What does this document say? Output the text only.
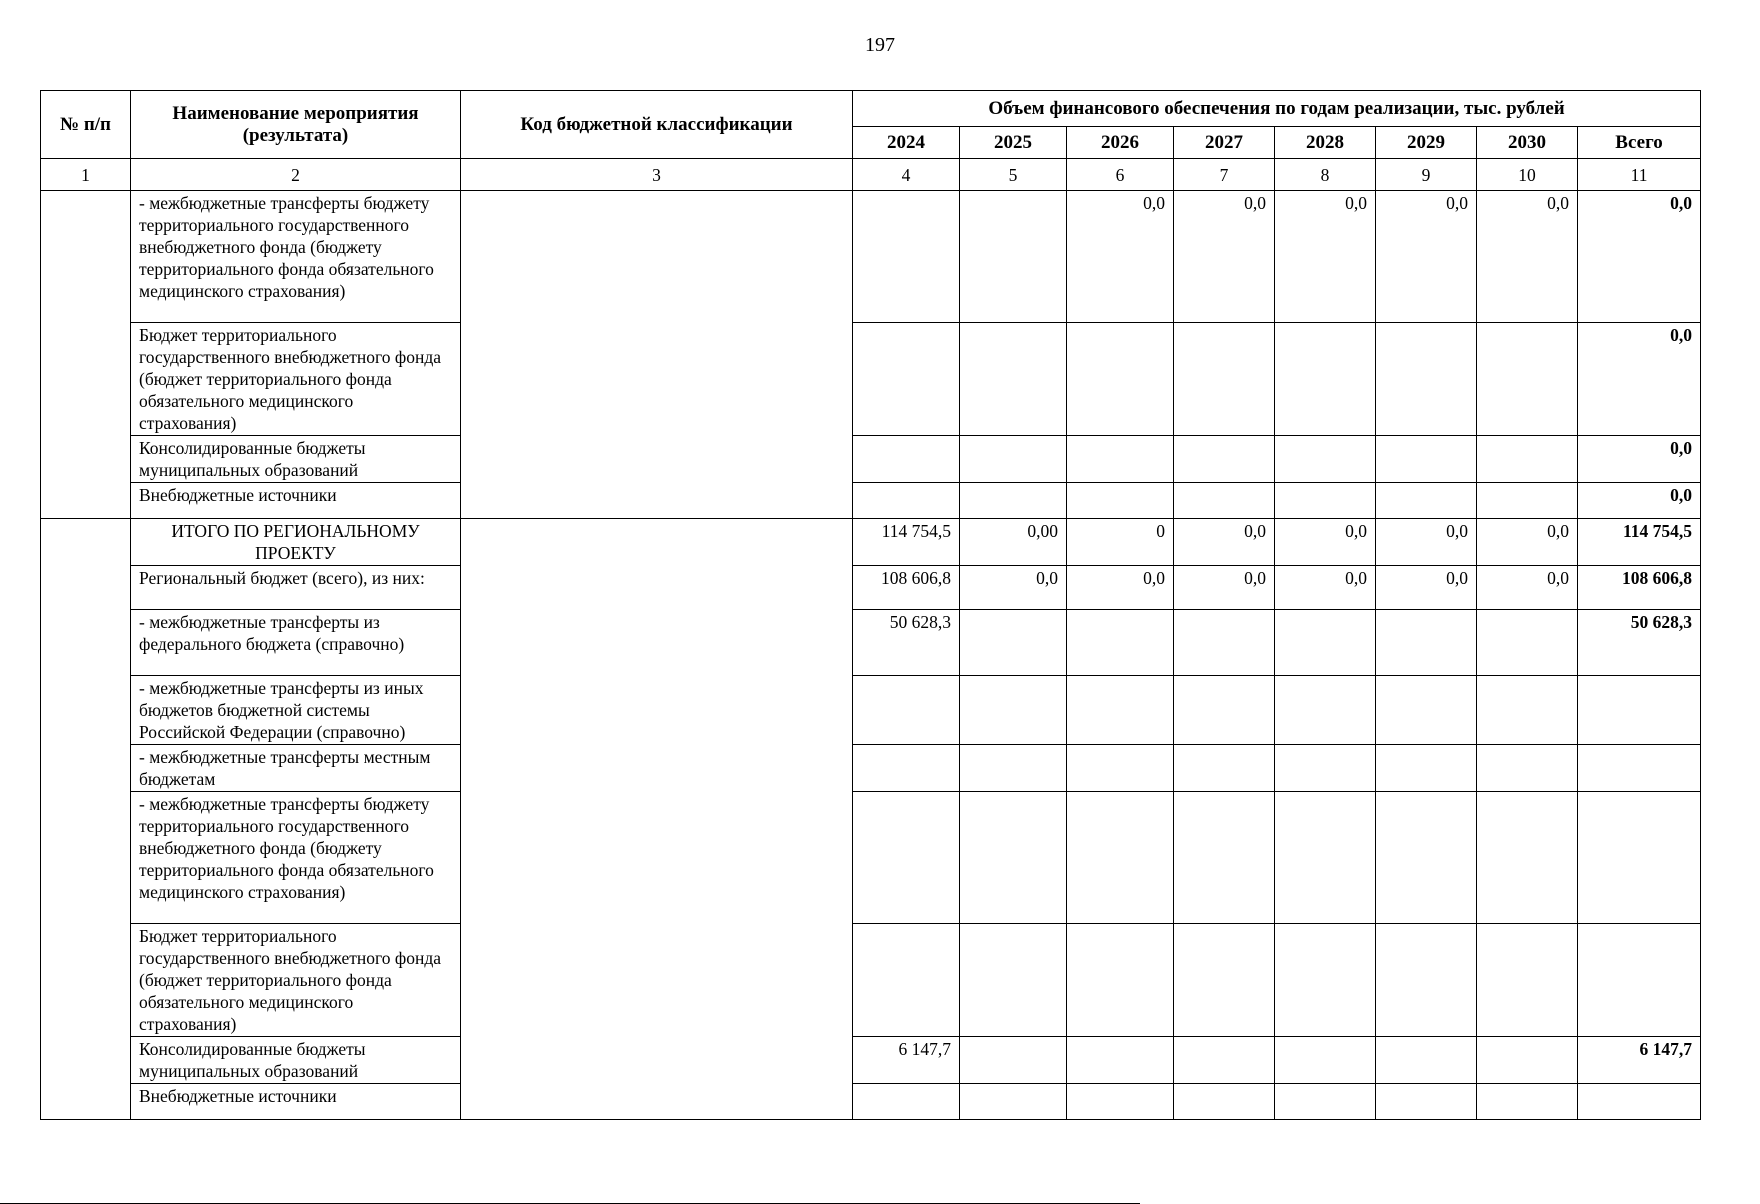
197
№ п/п	Наименование мероприятия (результата)	Код бюджетной классификации	Объем финансового обеспечения по годам реализации, тыс. рублей							
			2024	2025	2026	2027	2028	2029	2030	Всего
1	2	3	4	5	6	7	8	9	10	11
	- межбюджетные трансферты бюджету территориального государственного внебюджетного фонда (бюджету территориального фонда обязательного медицинского страхования)				0,0	0,0	0,0	0,0	0,0	0,0
	Бюджет территориального государственного внебюджетного фонда (бюджет территориального фонда обязательного медицинского страхования)									0,0
	Консолидированные бюджеты муниципальных образований									0,0
	Внебюджетные источники									0,0
	ИТОГО ПО РЕГИОНАЛЬНОМУ ПРОЕКТУ		114 754,5	0,00	0	0,0	0,0	0,0	0,0	114 754,5
	Региональный бюджет (всего), из них:		108 606,8	0,0	0,0	0,0	0,0	0,0	0,0	108 606,8
	- межбюджетные трансферты из федерального бюджета (справочно)		50 628,3							50 628,3
	- межбюджетные трансферты из иных бюджетов бюджетной системы Российской Федерации (справочно)									
	- межбюджетные трансферты местным бюджетам									
	- межбюджетные трансферты бюджету территориального государственного внебюджетного фонда (бюджету территориального фонда обязательного медицинского страхования)									
	Бюджет территориального государственного внебюджетного фонда (бюджет территориального фонда обязательного медицинского страхования)									
	Консолидированные бюджеты муниципальных образований		6 147,7							6 147,7
	Внебюджетные источники									
